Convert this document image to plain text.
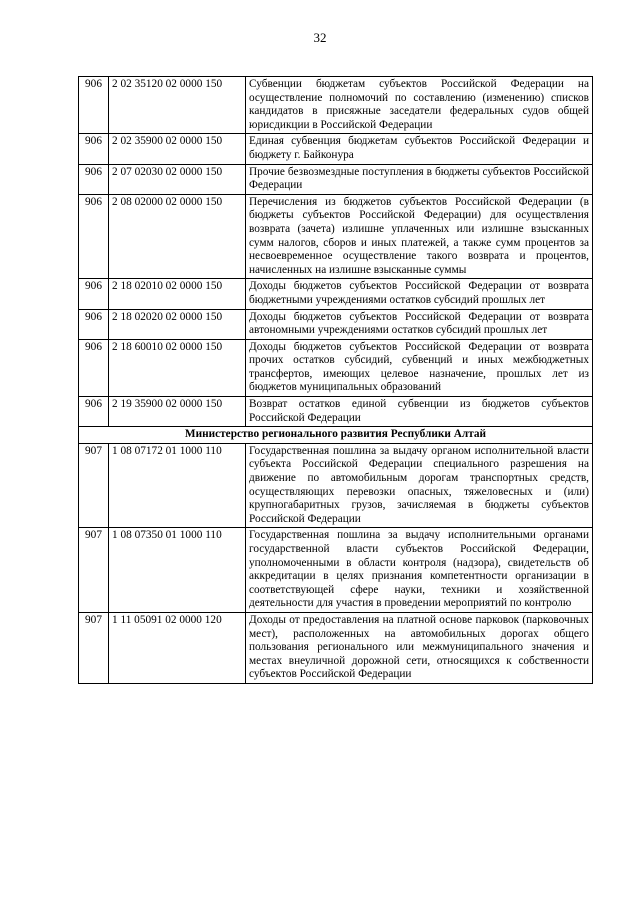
32
906	2 02 35120 02 0000 150	Субвенции бюджетам субъектов Российской Федерации на осуществление полномочий по составлению (изменению) списков кандидатов в присяжные заседатели федеральных судов общей юрисдикции в Российской Федерации
906	2 02 35900 02 0000 150	Единая субвенция бюджетам субъектов Российской Федерации и бюджету г. Байконура
906	2 07 02030 02 0000 150	Прочие безвозмездные поступления в бюджеты субъектов Российской Федерации
906	2 08 02000 02 0000 150	Перечисления из бюджетов субъектов Российской Федерации (в бюджеты субъектов Российской Федерации) для осуществления возврата (зачета) излишне уплаченных или излишне взысканных сумм налогов, сборов и иных платежей, а также сумм процентов за несвоевременное осуществление такого возврата и процентов, начисленных на излишне взысканные суммы
906	2 18 02010 02 0000 150	Доходы бюджетов субъектов Российской Федерации от возврата бюджетными учреждениями остатков субсидий прошлых лет
906	2 18 02020 02 0000 150	Доходы бюджетов субъектов Российской Федерации от возврата автономными учреждениями остатков субсидий прошлых лет
906	2 18 60010 02 0000 150	Доходы бюджетов субъектов Российской Федерации от возврата прочих остатков субсидий, субвенций и иных межбюджетных трансфертов, имеющих целевое назначение, прошлых лет из бюджетов муниципальных образований
906	2 19 35900 02 0000 150	Возврат остатков единой субвенции из бюджетов субъектов Российской Федерации
Министерство регионального развития Республики Алтай		
907	1 08 07172 01 1000 110	Государственная пошлина за выдачу органом исполнительной власти субъекта Российской Федерации специального разрешения на движение по автомобильным дорогам транспортных средств, осуществляющих перевозки опасных, тяжеловесных и (или) крупногабаритных грузов, зачисляемая в бюджеты субъектов Российской Федерации
907	1 08 07350 01 1000 110	Государственная пошлина за выдачу исполнительными органами государственной власти субъектов Российской Федерации, уполномоченными в области контроля (надзора), свидетельств об аккредитации в целях признания компетентности организации в соответствующей сфере науки, техники и хозяйственной деятельности для участия в проведении мероприятий по контролю
907	1 11 05091 02 0000 120	Доходы от предоставления на платной основе парковок (парковочных мест), расположенных на автомобильных дорогах общего пользования регионального или межмуниципального значения и местах внеуличной дорожной сети, относящихся к собственности субъектов Российской Федерации
